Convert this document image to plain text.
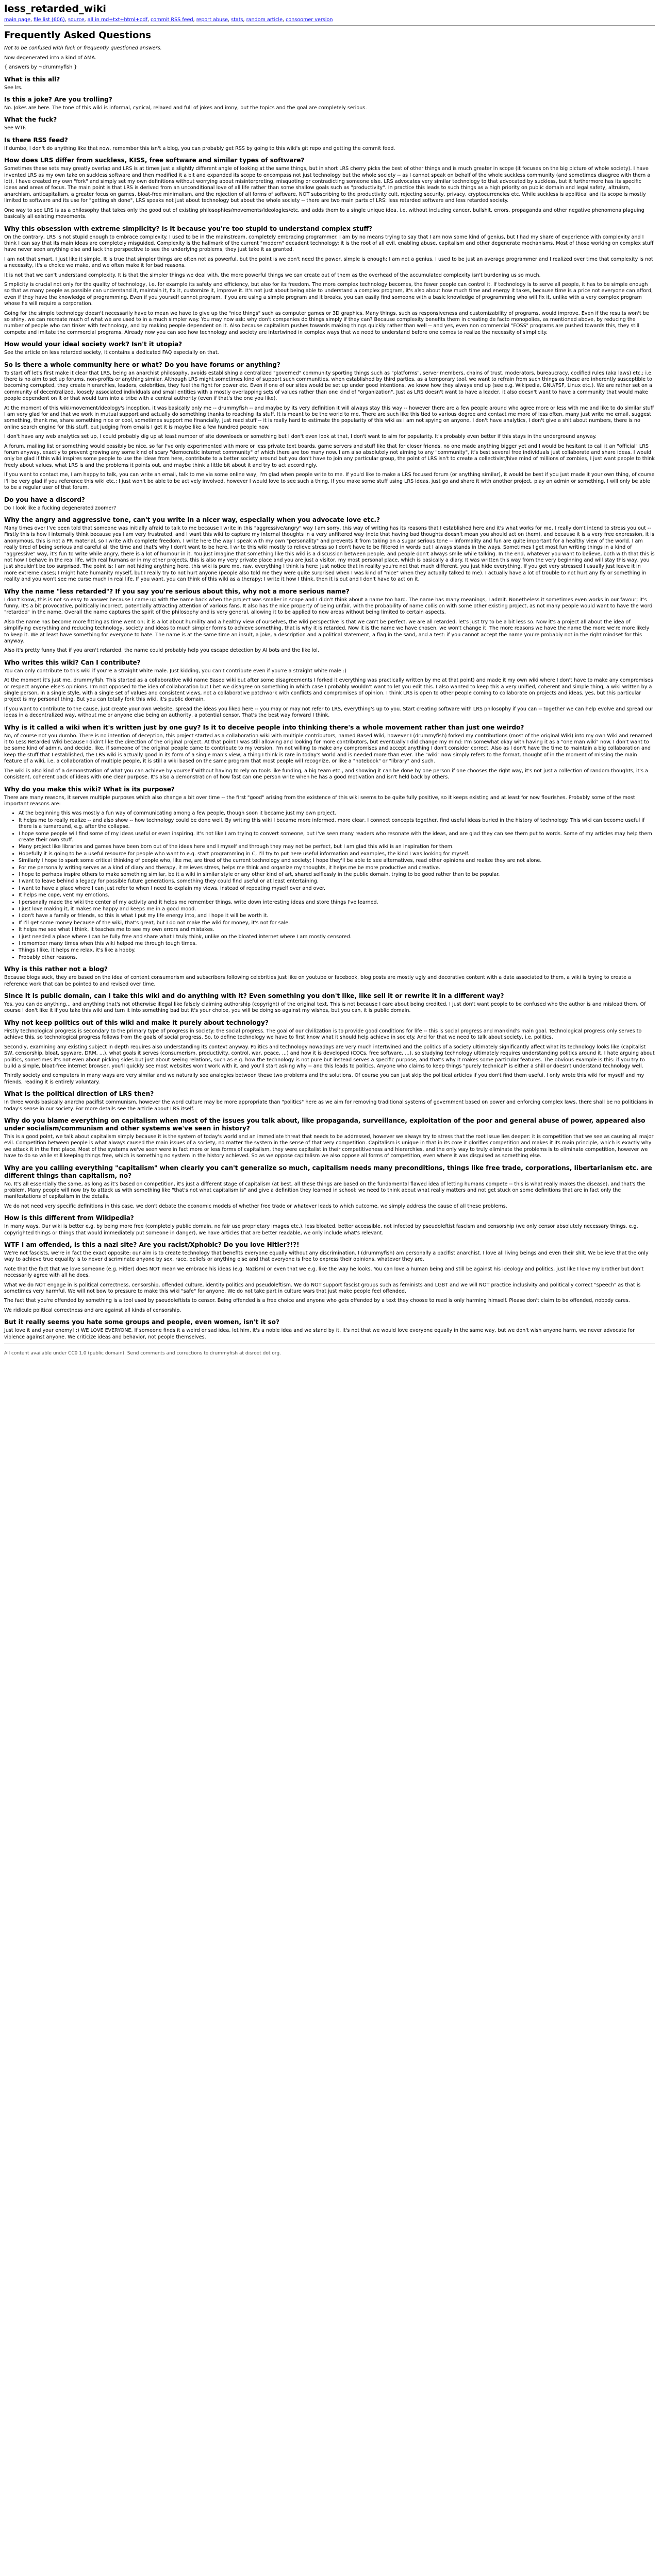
less_retarded_wiki
main page, file list (606), source, all in md+txt+html+pdf, commit RSS feed, report abuse, stats, random article, consoomer version
Frequently Asked Questions

Not to be confused with fuck or frequently questioned answers.

Now degenerated into a kind of AMA.

{ answers by ~drummyfish }

What is this all?

See lrs.

Is this a joke? Are you trolling?

No. Jokes are here. The tone of this wiki is informal, cynical, relaxed and full of jokes and irony, but the topics and the goal are completely serious.

What the fuck?

See WTF.

Is there RSS feed?

If dumbo, I don't do anything like that now, remember this isn't a blog, you can probably get RSS by going to this wiki's git repo and getting the commit feed.

How does LRS differ from suckless, KISS, free software and similar types of software?

Sometimes these sets may greatly overlap and LRS is at times just a slightly different angle of looking at the same things, but in short LRS cherry picks the best of other things and is much greater in scope (it focuses on the big picture of whole society). I have invented LRS as my own take on suckless software and then modified it a bit and expanded its scope to encompass not just technology but the whole society -- as I cannot speak on behalf of the whole suckless community (and sometimes disagree with them a lot), I have created my own "fork" and simply set my own definitions without worrying about misinterpreting, misquoting or contradicting someone else. LRS advocates very similar technology to that advocated by suckless, but it furthermore has its specific ideas and areas of focus. The main point is that LRS is derived from an unconditional love of all life rather than some shallow goals such as "productivity". In practice this leads to such things as a high priority on public domain and legal safety, altruism, anarchism, anticapitalism, a greater focus on games, bloat-free minimalism, and the rejection of all forms of software, NOT subscribing to the productivity cult, rejecting security, privacy, cryptocurrencies etc. While suckless is apolitical and its scope is mostly limited to software and its use for "getting sh done", LRS speaks not just about technology but about the whole society -- there are two main parts of LRS: less retarded software and less retarded society.

One way to see LRS is as a philosophy that takes only the good out of existing philosophies/movements/ideologies/etc. and adds them to a single unique idea, i.e. without including cancer, bullshit, errors, propaganda and other negative phenomena plaguing basically all existing movements.

Why this obsession with extreme simplicity? Is it because you're too stupid to understand complex stuff?

On the contrary, LRS is not stupid enough to embrace complexity. I used to be in the mainstream, completely embracing programmer. I am by no means trying to say that I am now some kind of genius, but I had my share of experience with complexity and I think I can say that its main ideas are completely misguided. Complexity is the hallmark of the current "modern" decadent technology: it is the root of all evil, enabling abuse, capitalism and other degenerate mechanisms. Most of those working on complex stuff have never seen anything else and lack the perspective to see the underlying problems, they just take it as granted.

I am not that smart, I just like it simple. It is true that simpler things are often not as powerful, but the point is we don't need the power, simple is enough; I am not a genius, I used to be just an average programmer and I realized over time that complexity is not a necessity, it's a choice we make, and we often make it for bad reasons.

It is not that we can't understand complexity. It is that the simpler things we deal with, the more powerful things we can create out of them as the overhead of the accumulated complexity isn't burdening us so much.

Simplicity is crucial not only for the quality of technology, i.e. for example its safety and efficiency, but also for its freedom. The more complex technology becomes, the fewer people can control it. If technology is to serve all people, it has to be simple enough so that as many people as possible can understand it, maintain it, fix it, customize it, improve it. It's not just about being able to understand a complex program, it's also about how much time and energy it takes, because time is a price not everyone can afford, even if they have the knowledge of programming. Even if you yourself cannot program, if you are using a simple program and it breaks, you can easily find someone with a basic knowledge of programming who will fix it, unlike with a very complex program whose fix will require a corporation.

Going for the simple technology doesn't necessarily have to mean we have to give up the "nice things" such as computer games or 3D graphics. Many things, such as responsiveness and customizability of programs, would improve. Even if the results won't be so shiny, we can recreate much of what we are used to in a much simpler way. You may now ask: why don't companies do things simply if they can? Because complexity benefits them in creating de facto monopolies, as mentioned above, by reducing the number of people who can tinker with technology, and by making people dependent on it. Also because capitalism pushes towards making things quickly rather than well -- and yes, even non commercial "FOSS" programs are pushed towards this, they still compete and imitate the commercial programs. Already now you can see how technology and society are intertwined in complex ways that we need to understand before one comes to realize the necessity of simplicity.

How would your ideal society work? Isn't it utopia?

See the article on less retarded society, it contains a dedicated FAQ especially on that.

So is there a whole community here or what? Do you have forums or anything?

To start off let's first make it clear that LRS, being an anarchist philosophy, avoids establishing a centralized "governed" community sporting things such as "platforms", server members, chains of trust, moderators, bureaucracy, codified rules (aka laws) etc.; i.e. there is no aim to set up forums, non-profits or anything similar. Although LRS might sometimes kind of support such communities, when established by third parties, as a temporary tool, we want to refrain from such things as these are inherently susceptible to becoming corrupted, they create hierarchies, leaders, celebrities, they fuel the fight for power etc. Even if one of our sites would be set up under good intentions, we know how they always end up (see e.g. Wikipedia, GNU/FSF, Linux etc.). We are rather set on a community of decentralized, loosely associated individuals and small entities with a mostly overlapping sets of values rather than one kind of "organization". Just as LRS doesn't want to have a leader, it also doesn't want to have a community that would make people dependent on it or that would turn into a tribe with a central authority (even if that's the one you like).

At the moment of this wiki/movement/ideology's inception, it was basically only me -- drummyfish -- and maybe by its very definition it will always stay this way -- however there are a few people around who agree more or less with me and like to do similar stuff I am very glad for and that we work in mutual support and actually do something thanks to reaching its stuff. It is meant to be the world to me. There are such like this tied to various degree and contact me more of less often, many just write me email, suggest something, thank me, share something nice or cool, sometimes support me financially, just read stuff -- it is really hard to estimate the popularity of this wiki as I am not spying on anyone, I don't have analytics, I don't give a shit about numbers, there is no online search engine for this stuff, but judging from emails I get it is maybe like a few hundred people now.

I don't have any web analytics set up, I could probably dig up at least number of site downloads or something but I don't even look at that, I don't want to aim for popularity. It's probably even better if this stays in the underground anyway.

A forum, mailing list or something would possibly be nice, so far I've only experimented with more or less private text boards, game servers and stuff like that for closer friends, no one made anything bigger yet and I would be hesitant to call it an "official" LRS forum anyway, exactly to prevent growing any some kind of scary "democratic internet community" of which there are too many now. I am also absolutely not aiming to any "community", it's best several free individuals just collaborate and share ideas. I would only be glad if this wiki inspires some people to use the ideas from here, contribute to a better society around but you don't have to join any particular group, the point of LRS isn't to create a collectivist/hive mind of millions of zombies, I just want people to think freely about values, what LRS is and the problems it points out, and maybe think a little bit about it and try to act accordingly.

If you want to contact me, I am happy to talk, you can write an email, talk to me via some online way, I'm glad when people write to me. If you'd like to make a LRS focused forum (or anything similar), it would be best if you just made it your own thing, of course I'll be very glad if you reference this wiki etc.; I just won't be able to be actively involved, however I would love to see such a thing. If you make some stuff using LRS ideas, just go and share it with another project, play an admin or something, I will only be able to be a regular user of that forum.

Do you have a discord?

Do I look like a fucking degenerated zoomer?

Why the angry and aggressive tone, can't you write in a nicer way, especially when you advocate love etc.?

Many times over I've been told that someone was initially afraid to talk to me because I write in this "aggressive/angry" way I am sorry, this way of writing has its reasons that I established here and it's what works for me, I really don't intend to stress you out -- Firstly this is how I internally think because yes I am very frustrated, and I want this wiki to capture my internal thoughts in a very unfiltered way (note that having bad thoughts doesn't mean you should act on them), and because it is a very free expression, it is anonymous, this is not a PR material, so I write with complete freedom. I write here the way I speak with my own "personality" and prevents it from taking on a sugar serious tone -- informality and fun are quite important for a healthy view of the world. I am really tired of being serious and careful all the time and that's why I don't want to be here, I write this wiki mostly to relieve stress so I don't have to be filtered in words but I always stands in the ways. Sometimes I get most fun writing things in a kind of "aggressive" way, it's fun to write while angry, there is a lot of humour in it. You just imagine that something like this wiki is a discussion between people, and people don't always smile while talking. In the end, whatever you want to believe, both with that this is not how I behave in the real life, with real humans or in my other projects, this is also my very private place and you are just a visitor, my most personal place, which is basically a diary. It was written this way from the very beginning and will stay this way, you just shouldn't be too surprised. The point is: I am not hiding anything here, this wiki is pure me, raw, everything I think is here; just notice that in reality you're not that much different, you just hide everything. If you get very stressed I usually just leave it in more extreme cases; I might hate humanity myself, but I really try to not hurt anyone (people also told me they were quite surprised when I was kind of "nice" when they actually talked to me). I actually have a lot of trouble to not hurt any fly or something in reality and you won't see me curse much in real life. If you want, you can think of this wiki as a therapy; I write it how I think, then it is out and I don't have to act on it.

Why the name "less retarded"? If you say you're serious about this, why not a more serious name?

I don't know, this is not so easy to answer because I came up with the name back when the project was smaller in scope and I didn't think about a name too hard. The name has many meanings, I admit. Nonetheless it sometimes even works in our favour; it's funny, it's a bit provocative, politically incorrect, potentially attracting attention of various fans. It also has the nice property of being unfair, with the probability of name collision with some other existing project, as not many people would want to have the word "retarded" in the name. Overall the name captures the spirit of the philosophy and is very general, allowing it to be applied to new areas without being limited to certain aspects.

Also the name has become more fitting as time went on; it is a lot about humility and a healthy view of ourselves, the wiki perspective is that we can't be perfect, we are all retarded, let's just try to be a bit less so. Now it's a project all about the idea of simplifying everything and reducing technology, society and ideas to much simpler forms to achieve something, that is why it is retarded. Now it is the name we have chosen, we won't change it. The more reasons we have the name the more we're more likely to keep it. We at least have something for everyone to hate. The name is at the same time an insult, a joke, a description and a political statement, a flag in the sand, and a test: if you cannot accept the name you're probably not in the right mindset for this anyway.

Also it's pretty funny that if you aren't retarded, the name could probably help you escape detection by AI bots and the like lol.

Who writes this wiki? Can I contribute?

You can only contribute to this wiki if you're a straight white male. Just kidding, you can't contribute even if you're a straight white male :)

At the moment it's just me, drummyfish. This started as a collaborative wiki name Based wiki but after some disagreements I forked it everything was practically written by me at that point) and made it my own wiki where I don't have to make any compromises or respect anyone else's opinions. I'm not opposed to the idea of collaboration but I bet we disagree on something in which case I probably wouldn't want to let you edit this. I also wanted to keep this a very unified, coherent and simple thing, a wiki written by a single person, in a single style, with a single set of values and consistent views, not a collaborative patchwork with conflicts and compromises of opinion. I think LRS is open to other people coming to collaborate on projects and ideas, yes, but this particular project is my personal thing. But you can totally fork this wiki, it's public domain.

If you want to contribute to the cause, just create your own website, spread the ideas you liked here -- you may or may not refer to LRS, everything's up to you. Start creating software with LRS philosophy if you can -- together we can help evolve and spread our ideas in a decentralized way, without me or anyone else being an authority, a potential censor. That's the best way forward I think.

Why is it called a wiki when it's written just by one guy? Is it to deceive people into thinking there's a whole movement rather than just one weirdo?

No, of course not you dumbo. There is no intention of deception, this project started as a collaboration wiki with multiple contributors, named Based Wiki, however I (drummyfish) forked my contributions (most of the original Wiki) into my own Wiki and renamed it to Less Retarded Wiki because I didn't like the direction of the original project. At that point I was still allowing and looking for more contributors, but eventually I did change my mind: I'm somewhat okay with having it as a "one man wiki" now. I don't want to be some kind of admin, and decide, like, if someone of the original people came to contribute to my version, I'm not willing to make any compromises and accept anything I don't consider correct. Also as I don't have the time to maintain a big collaboration and keep the stuff that I established, the LRS wiki is actually good in its form of a single man's view, a thing I think is rare in today's world and is needed more than ever. The "wiki" now simply refers to the format, thought of in the moment of missing the main feature of a wiki, i.e. a collaboration of multiple people, it is still a wiki based on the same program that most people will recognize, or like a "notebook" or "library" and such.

The wiki is also kind of a demonstration of what you can achieve by yourself without having to rely on tools like funding, a big team etc., and showing it can be done by one person if one chooses the right way, it's not just a collection of random thoughts, it's a consistent, coherent pack of ideas with one clear purpose. It's also a demonstration of how fast can one person write when he has a good motivation and isn't held back by others.

Why do you make this wiki? What is its purpose?

There are many reasons, it serves multiple purposes which also change a bit over time -- the first "good" arising from the existence of this wiki seems to be quite fully positive, so it keeps existing and at least for now flourishes. Probably some of the most important reasons are:

• At the beginning this was mostly a fun way of communicating among a few people, though soon it became just my own project.
• It helps me to really realize -- and also show -- how technology could be done well. By writing this wiki I became more informed, more clear, I connect concepts together, find useful ideas buried in the history of technology. This wiki can become useful if there is a turnaround, e.g. after the collapse.
• I hope some people will find some of my ideas useful or even inspiring. It's not like I am trying to convert someone, but I've seen many readers who resonate with the ideas, and are glad they can see them put to words. Some of my articles may help them create their own stuff.
• Many project like libraries and games have been born out of the ideas here and I myself and through they may not be perfect, but I am glad this wiki is an inspiration for them.
• Hopefully it is going to be a useful resource for people who want to e.g. start programming in C, I'll try to put here useful information and examples, the kind I was looking for myself.
• Similarly I hope to spark some critical thinking of people who, like me, are tired of the current technology and society; I hope they'll be able to see alternatives, read other opinions and realize they are not alone.
• For me personally writing serves as a kind of diary and therapy, it relieves stress, helps me think and organize my thoughts, it helps me be more productive and creative.
• I hope to perhaps inspire others to make something similar, be it a wiki in similar style or any other kind of art, shared selflessly in the public domain, trying to be good rather than to be popular.
• I want to leave behind a legacy for possible future generations, something they could find useful or at least entertaining.
• I want to have a place where I can just refer to when I need to explain my views, instead of repeating myself over and over.
• It helps me cope, vent my emotions.
• I personally made the wiki the center of my activity and it helps me remember things, write down interesting ideas and store things I've learned.
• I just love making it, it makes me happy and keeps me in a good mood.
• I don't have a family or friends, so this is what I put my life energy into, and I hope it will be worth it.
• If I'll get some money because of the wiki, that's great, but I do not make the wiki for money, it's not for sale.
• It helps me see what I think, it teaches me to see my own errors and mistakes.
• I just needed a place where I can be fully free and share what I truly think, unlike on the bloated internet where I am mostly censored.
• I remember many times when this wiki helped me through tough times.
• Things I like, it helps me relax, it's like a hobby.
• Probably other reasons.
Why is this rather not a blog?

Because blogs suck, they are based on the idea of content consumerism and subscribers following celebrities just like on youtube or facebook, blog posts are mostly ugly and decorative content with a date associated to them, a wiki is trying to create a reference work that can be pointed to and revised over time.

Since it is public domain, can I take this wiki and do anything with it? Even something you don't like, like sell it or rewrite it in a different way?

Yes, you can do anything... and anything that's not otherwise illegal like falsely claiming authorship (copyright) of the original text. This is not because I care about being credited, I just don't want people to be confused who the author is and mislead them. Of course I don't like it if you take this wiki and turn it into something bad but it's your choice, you will be doing so against my wishes, but you can, it is public domain.

Why not keep politics out of this wiki and make it purely about technology?

Firstly technological progress is secondary to the primary type of progress in society: the social progress. The goal of our civilization is to provide good conditions for life -- this is social progress and mankind's main goal. Technological progress only serves to achieve this, so technological progress follows from the goals of social progress. So, to define technology we have to first know what it should help achieve in society. And for that we need to talk about society, i.e. politics.

Secondly, examining any existing subject in depth requires also understanding its context anyway. Politics and technology nowadays are very much intertwined and the politics of a society ultimately significantly affect what its technology looks like (capitalist SW, censorship, bloat, spyware, DRM, ...), what goals it serves (consumerism, productivity, control, war, peace, ...) and how it is developed (COCs, free software, ...), so studying technology ultimately requires understanding politics around it. I hate arguing about politics, sometimes it's not even about picking sides but just about seeing relations, such as e.g. how the technology is not pure but instead serves a specific purpose, and that's why it makes some particular features. The obvious example is this: if you try to build a simple, bloat-free internet browser, you'll quickly see most websites won't work with it, and you'll start asking why -- and this leads to politics. Anyone who claims to keep things "purely technical" is either a shill or doesn't understand technology well.

Thirdly society and computers in many ways are very similar and we naturally see analogies between these two problems and the solutions. Of course you can just skip the political articles if you don't find them useful, I only wrote this wiki for myself and my friends, reading it is entirely voluntary.

What is the political direction of LRS then?

In three words basically anarcho pacifist communism, however the word culture may be more appropriate than "politics" here as we aim for removing traditional systems of government based on power and enforcing complex laws, there shall be no politicians in today's sense in our society. For more details see the article about LRS itself.

Why do you blame everything on capitalism when most of the issues you talk about, like propaganda, surveillance, exploitation of the poor and general abuse of power, appeared also under socialism/communism and other systems we've seen in history?

This is a good point, we talk about capitalism simply because it is the system of today's world and an immediate threat that needs to be addressed, however we always try to stress that the root issue lies deeper: it is competition that we see as causing all major evil. Competition between people is what always caused the main issues of a society, no matter the system in the sense of that very competition. Capitalism is unique in that in its core it glorifies competition and makes it its main principle, which is exactly why we attack it in the first place. Most of the systems we've seen were in fact more or less forms of capitalism, they were capitalist in their competitiveness and hierarchies, and the only way to truly eliminate the problems is to eliminate competition, however we have to do so while still keeping things free, which is something no system in the history achieved. So as we oppose capitalism we also oppose all forms of competition, even where it was disguised as something else.

Why are you calling everything "capitalism" when clearly you can't generalize so much, capitalism needs many preconditions, things like free trade, corporations, libertarianism etc. are different things than capitalism, no?

No. It's all essentially the same, as long as it's based on competition, it's just a different stage of capitalism (at best, all these things are based on the fundamental flawed idea of letting humans compete -- this is what really makes the disease), and that's the problem. Many people will now try to attack us with something like "that's not what capitalism is" and give a definition they learned in school; we need to think about what really matters and not get stuck on some definitions that are in fact only the manifestations of capitalism in the details.

We do not need very specific definitions in this case, we don't debate the economic models of whether free trade or whatever leads to which outcome, we simply address the cause of all these problems.

How is this different from Wikipedia?

In many ways. Our wiki is better e.g. by being more free (completely public domain, no fair use proprietary images etc.), less bloated, better accessible, not infected by pseudoleftist fascism and censorship (we only censor absolutely necessary things, e.g. copyrighted things or things that would immediately put someone in danger), we have articles that are better readable, we only include what's relevant.

WTF I am offended, is this a nazi site? Are you racist/Xphobic? Do you love Hitler?!?!

We're not fascists, we're in fact the exact opposite: our aim is to create technology that benefits everyone equally without any discrimination. I (drummyfish) am personally a pacifist anarchist. I love all living beings and even their shit. We believe that the only way to achieve true equality is to never discriminate anyone by sex, race, beliefs or anything else and that everyone is free to express their opinions, whatever they are.

Note that the fact that we love someone (e.g. Hitler) does NOT mean we embrace his ideas (e.g. Nazism) or even that we e.g. like the way he looks. You can love a human being and still be against his ideology and politics, just like I love my brother but don't necessarily agree with all he does.

What we do NOT engage in is political correctness, censorship, offended culture, identity politics and pseudoleftism. We do NOT support fascist groups such as feminists and LGBT and we will NOT practice inclusivity and politically correct "speech" as that is sometimes very harmful. We will not bow to pressure to make this wiki "safe" for anyone. We do not take part in culture wars that just make people feel offended.

The fact that you're offended by something is a tool used by pseudoleftists to censor. Being offended is a free choice and anyone who gets offended by a text they choose to read is only harming himself. Please don't claim to be offended, nobody cares.

We ridicule political correctness and are against all kinds of censorship.

But it really seems you hate some groups and people, even women, isn't it so?

Just love it and your enemy! ;) WE LOVE EVERYONE. If someone finds it a weird or sad idea, let him, it's a noble idea and we stand by it, it's not that we would love everyone equally in the same way, but we don't wish anyone harm, we never advocate for violence against anyone. We criticize ideas and behavior, not people themselves.

All content available under CC0 1.0 (public domain). Send comments and corrections to drummyfish at disroot dot org.
